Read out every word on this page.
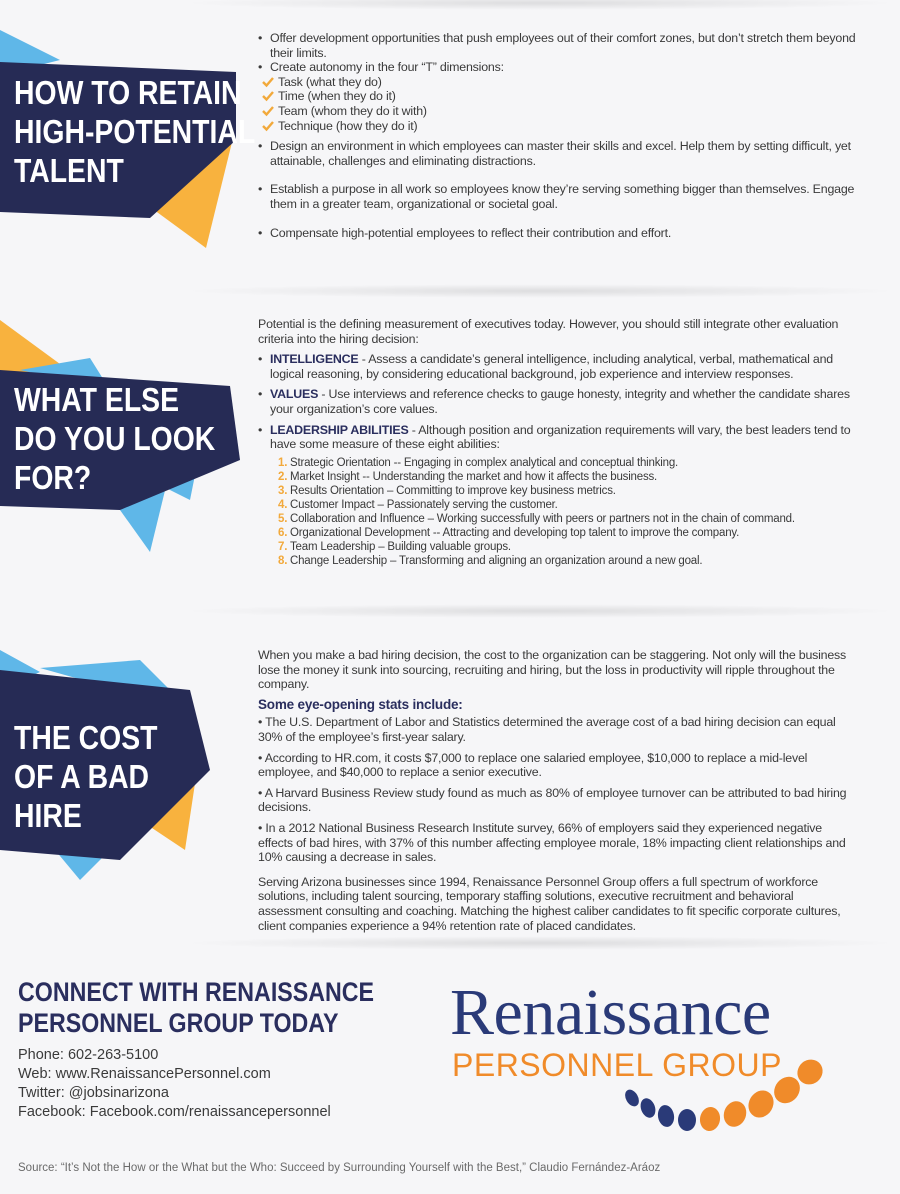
HOW TO RETAIN
HIGH-POTENTIAL
TALENT
• Offer development opportunities that push employees out of their comfort zones, but don’t stretch them beyond their limits.
• Create autonomy in the four “T” dimensions:
Task (what they do)
Time (when they do it)
Team (whom they do it with)
Technique (how they do it)
• Design an environment in which employees can master their skills and excel. Help them by setting difficult, yet attainable, challenges and eliminating distractions.
• Establish a purpose in all work so employees know they’re serving something bigger than themselves. Engage them in a greater team, organizational or societal goal.
• Compensate high-potential employees to reflect their contribution and effort.
WHAT ELSE
DO YOU LOOK
FOR?
Potential is the defining measurement of executives today. However, you should still integrate other evaluation criteria into the hiring decision:
• INTELLIGENCE - Assess a candidate’s general intelligence, including analytical, verbal, mathematical and logical reasoning, by considering educational background, job experience and interview responses.
• VALUES - Use interviews and reference checks to gauge honesty, integrity and whether the candidate shares your organization’s core values.
• LEADERSHIP ABILITIES - Although position and organization requirements will vary, the best leaders tend to have some measure of these eight abilities:
1. Strategic Orientation -- Engaging in complex analytical and conceptual thinking.
2. Market Insight -- Understanding the market and how it affects the business.
3. Results Orientation – Committing to improve key business metrics.
4. Customer Impact – Passionately serving the customer.
5. Collaboration and Influence – Working successfully with peers or partners not in the chain of command.
6. Organizational Development -- Attracting and developing top talent to improve the company.
7. Team Leadership – Building valuable groups.
8. Change Leadership – Transforming and aligning an organization around a new goal.
THE COST
OF A BAD
HIRE
When you make a bad hiring decision, the cost to the organization can be staggering. Not only will the business lose the money it sunk into sourcing, recruiting and hiring, but the loss in productivity will ripple throughout the company.
Some eye-opening stats include:
• The U.S. Department of Labor and Statistics determined the average cost of a bad hiring decision can equal 30% of the employee’s first-year salary.
• According to HR.com, it costs $7,000 to replace one salaried employee, $10,000 to replace a mid-level employee, and $40,000 to replace a senior executive.
• A Harvard Business Review study found as much as 80% of employee turnover can be attributed to bad hiring decisions.
• In a 2012 National Business Research Institute survey, 66% of employers said they experienced negative effects of bad hires, with 37% of this number affecting employee morale, 18% impacting client relationships and 10% causing a decrease in sales.
Serving Arizona businesses since 1994, Renaissance Personnel Group offers a full spectrum of workforce solutions, including talent sourcing, temporary staffing solutions, executive recruitment and behavioral assessment consulting and coaching. Matching the highest caliber candidates to fit specific corporate cultures, client companies experience a 94% retention rate of placed candidates.
CONNECT WITH RENAISSANCE
PERSONNEL GROUP TODAY
Phone: 602-263-5100
Web: www.RenaissancePersonnel.com
Twitter: @jobsinarizona
Facebook: Facebook.com/renaissancepersonnel
Renaissance
PERSONNEL GROUP
Source: “It’s Not the How or the What but the Who: Succeed by Surrounding Yourself with the Best,” Claudio Fernández-Aráoz
